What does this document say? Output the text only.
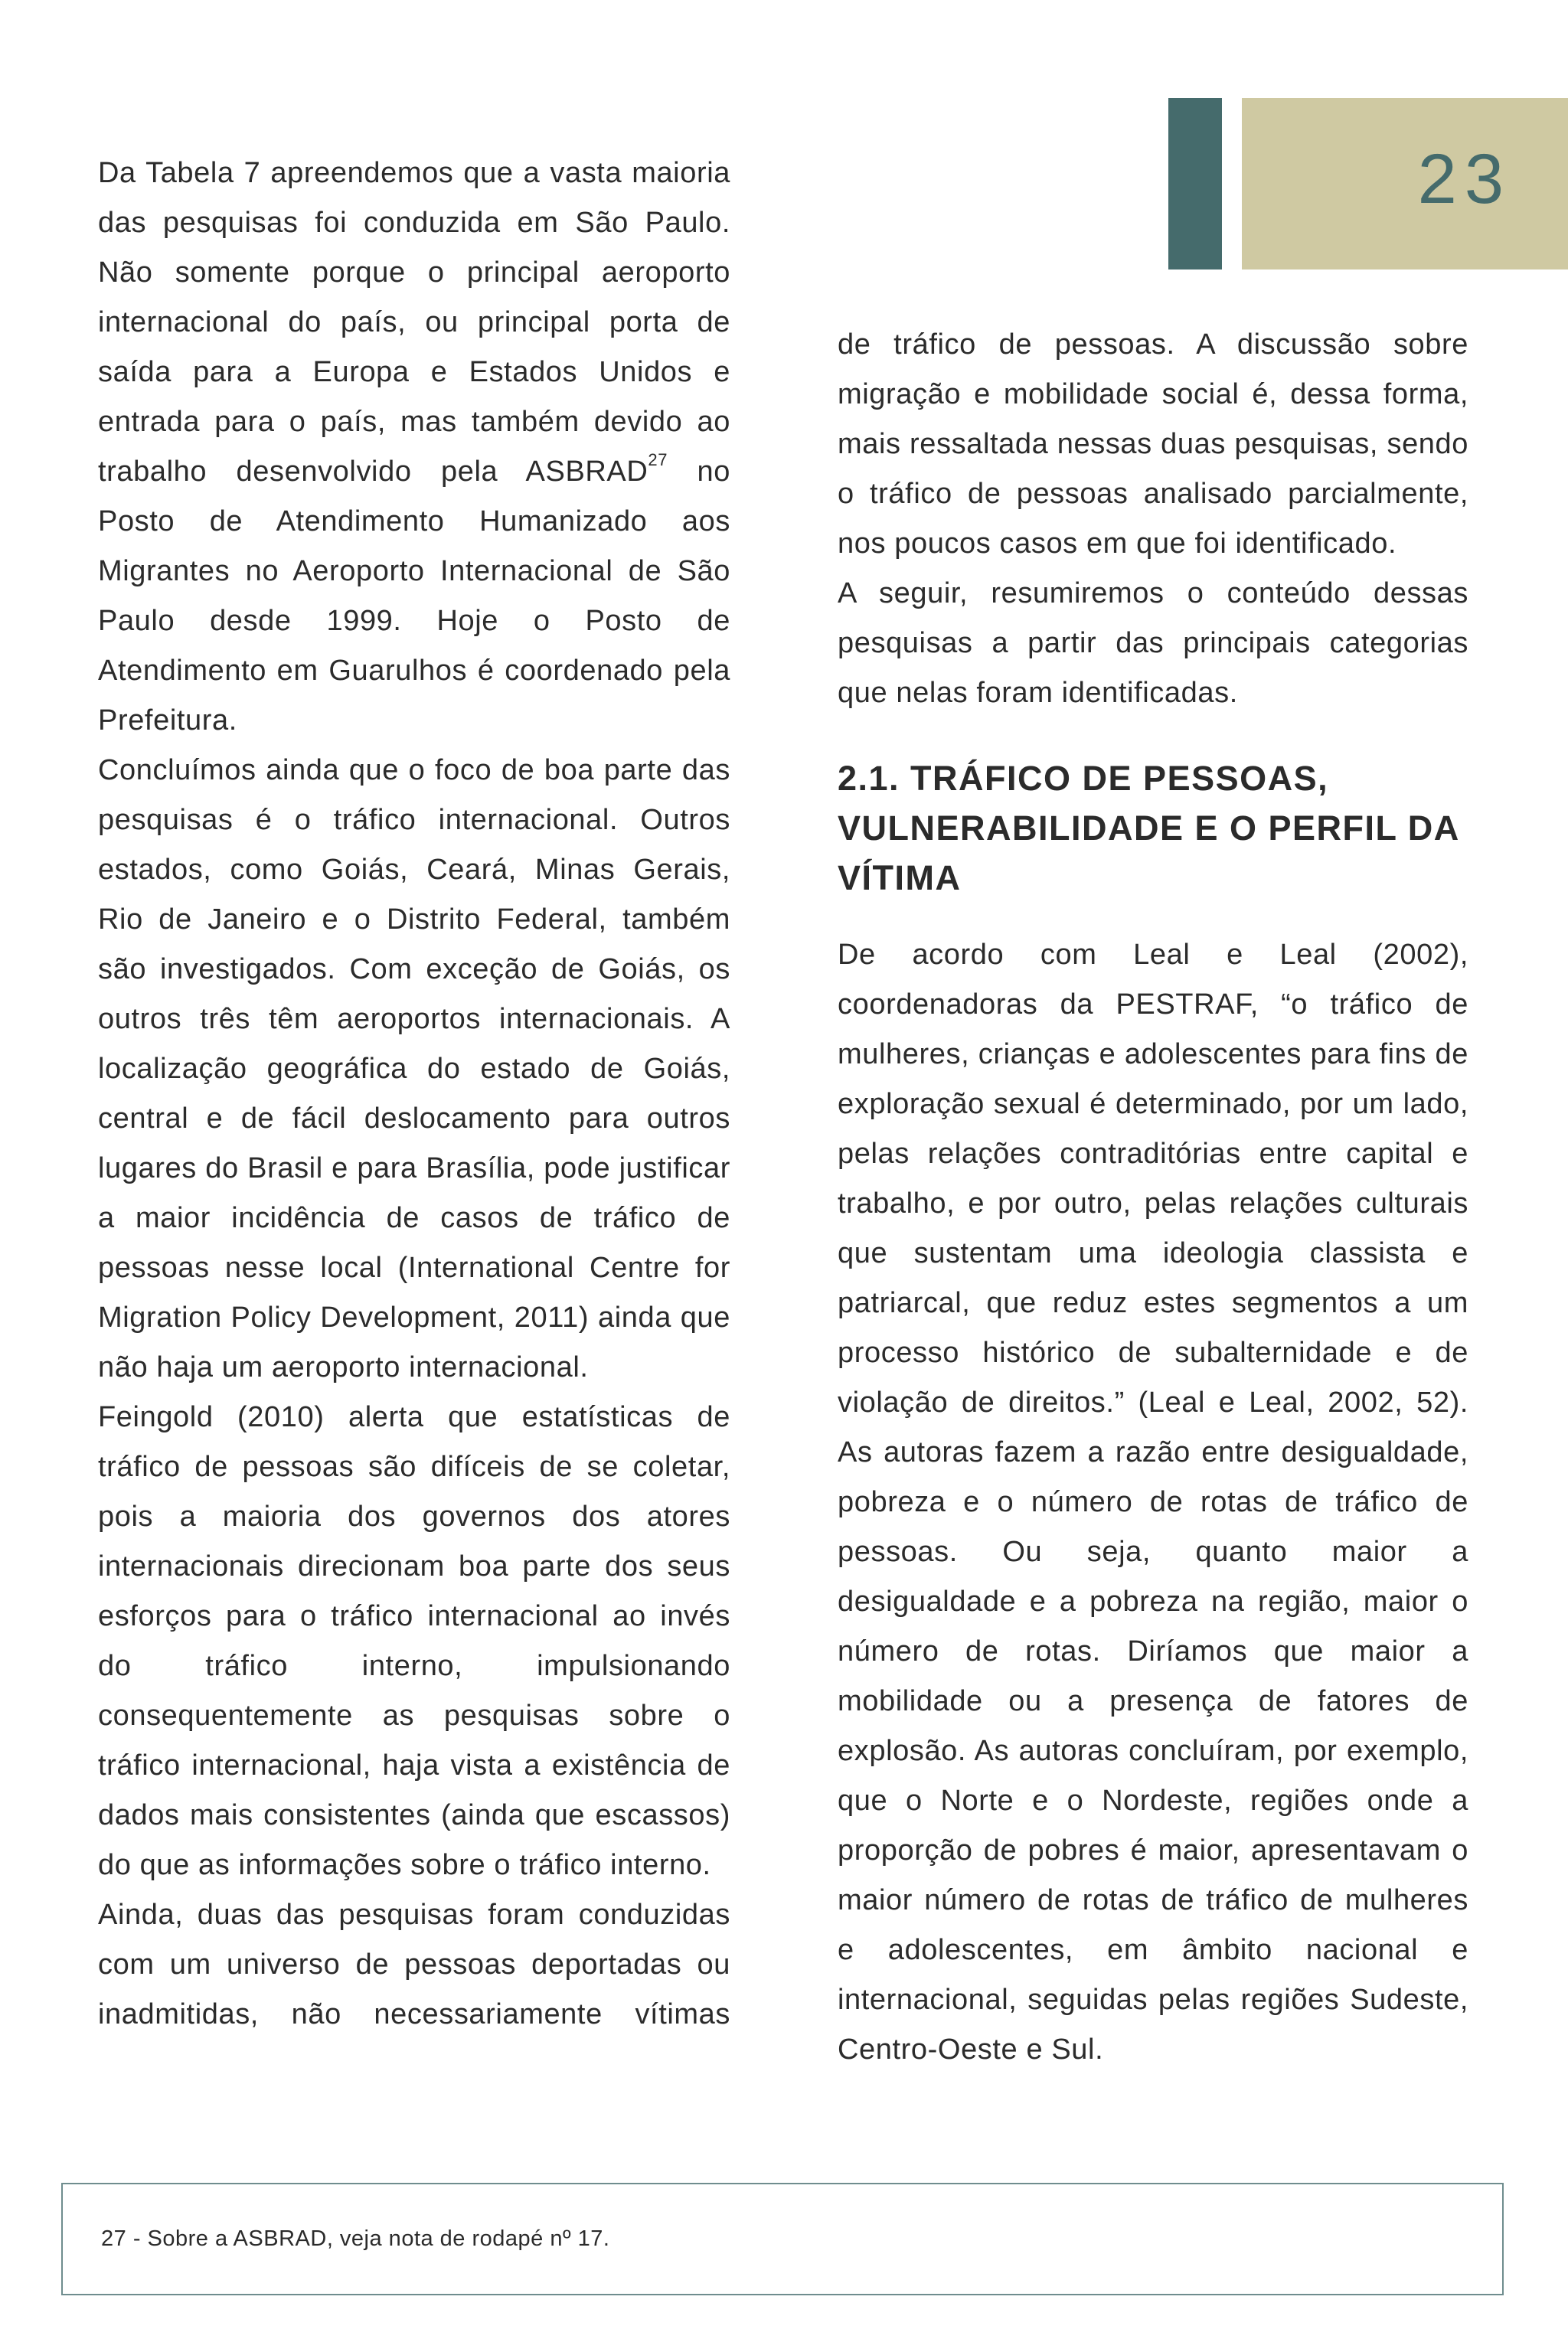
23

Da Tabela 7 apreendemos que a vasta maioria das pesquisas foi conduzida em São Paulo. Não somente porque o principal aeroporto internacional do país, ou principal porta de saída para a Europa e Estados Unidos e entrada para o país, mas também devido ao trabalho desenvolvido pela ASBRAD$^{27}$ no Posto de Atendimento Humanizado aos Migrantes no Aeroporto Internacional de São Paulo desde 1999. Hoje o Posto de Atendimento em Guarulhos é coordenado pela Prefeitura.

Concluímos ainda que o foco de boa parte das pesquisas é o tráfico internacional. Outros estados, como Goiás, Ceará, Minas Gerais, Rio de Janeiro e o Distrito Federal, também são investigados. Com exceção de Goiás, os outros três têm aeroportos internacionais. A localização geográfica do estado de Goiás, central e de fácil deslocamento para outros lugares do Brasil e para Brasília, pode justificar a maior incidência de casos de tráfico de pessoas nesse local (International Centre for Migration Policy Development, 2011) ainda que não haja um aeroporto internacional.

Feingold (2010) alerta que estatísticas de tráfico de pessoas são difíceis de se coletar, pois a maioria dos governos dos atores internacionais direcionam boa parte dos seus esforços para o tráfico internacional ao invés do tráfico interno, impulsionando consequentemente as pesquisas sobre o tráfico internacional, haja vista a existência de dados mais consistentes (ainda que escassos) do que as informações sobre o tráfico interno.

Ainda, duas das pesquisas foram conduzidas com um universo de pessoas deportadas ou inadmitidas, não necessariamente vítimas

de tráfico de pessoas. A discussão sobre migração e mobilidade social é, dessa forma, mais ressaltada nessas duas pesquisas, sendo o tráfico de pessoas analisado parcialmente, nos poucos casos em que foi identificado.

A seguir, resumiremos o conteúdo dessas pesquisas a partir das principais categorias que nelas foram identificadas.

2.1. TRÁFICO DE PESSOAS, VULNERABILIDADE E O PERFIL DA VÍTIMA

De acordo com Leal e Leal (2002), coordenadoras da PESTRAF, “o tráfico de mulheres, crianças e adolescentes para fins de exploração sexual é determinado, por um lado, pelas relações contraditórias entre capital e trabalho, e por outro, pelas relações culturais que sustentam uma ideologia classista e patriarcal, que reduz estes segmentos a um processo histórico de subalternidade e de violação de direitos.” (Leal e Leal, 2002, 52). As autoras fazem a razão entre desigualdade, pobreza e o número de rotas de tráfico de pessoas. Ou seja, quanto maior a desigualdade e a pobreza na região, maior o número de rotas. Diríamos que maior a mobilidade ou a presença de fatores de explosão. As autoras concluíram, por exemplo, que o Norte e o Nordeste, regiões onde a proporção de pobres é maior, apresentavam o maior número de rotas de tráfico de mulheres e adolescentes, em âmbito nacional e internacional, seguidas pelas regiões Sudeste, Centro-Oeste e Sul.

27 - Sobre a ASBRAD, veja nota de rodapé nº 17.
